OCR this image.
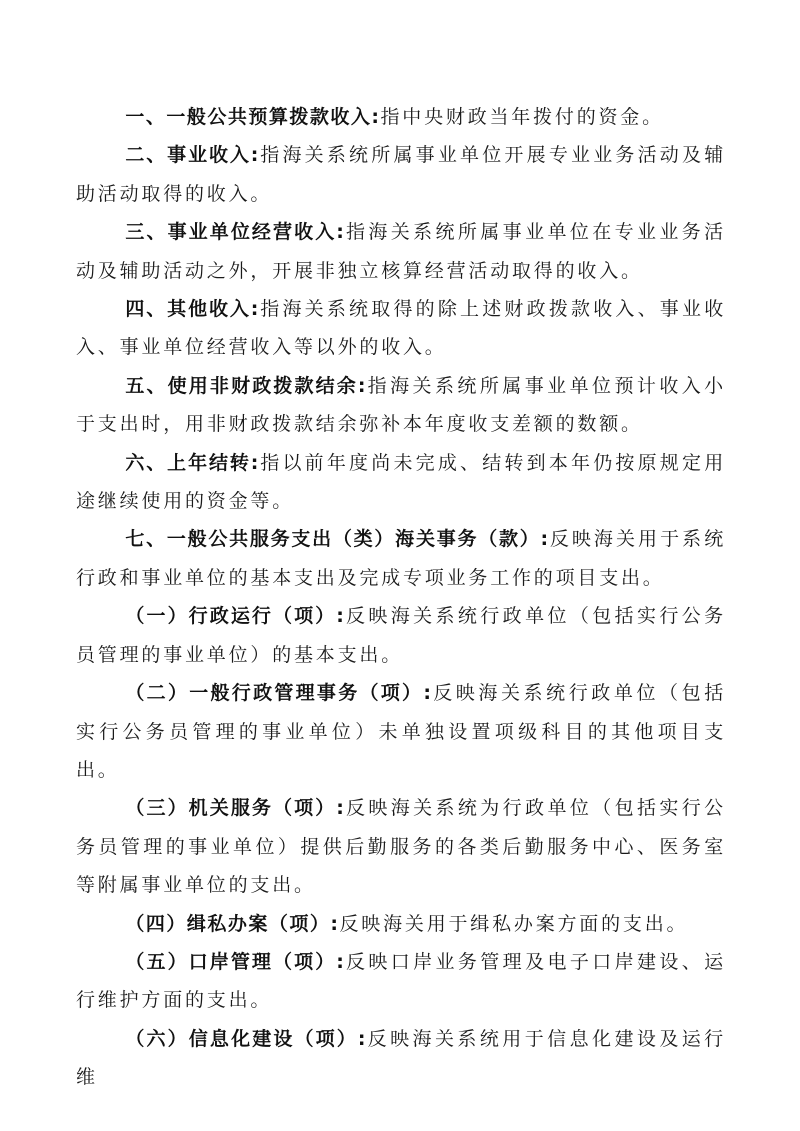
一、一般公共预算拨款收入:指中央财政当年拨付的资金。

二、事业收入:指海关系统所属事业单位开展专业业务活动及辅助活动取得的收入。

三、事业单位经营收入:指海关系统所属事业单位在专业业务活动及辅助活动之外，开展非独立核算经营活动取得的收入。

四、其他收入:指海关系统取得的除上述财政拨款收入、事业收入、事业单位经营收入等以外的收入。

五、使用非财政拨款结余:指海关系统所属事业单位预计收入小于支出时，用非财政拨款结余弥补本年度收支差额的数额。

六、上年结转:指以前年度尚未完成、结转到本年仍按原规定用途继续使用的资金等。

七、一般公共服务支出（类）海关事务（款）:反映海关用于系统行政和事业单位的基本支出及完成专项业务工作的项目支出。

（一）行政运行（项）:反映海关系统行政单位（包括实行公务员管理的事业单位）的基本支出。

（二）一般行政管理事务（项）:反映海关系统行政单位（包括实行公务员管理的事业单位）未单独设置项级科目的其他项目支出。

（三）机关服务（项）:反映海关系统为行政单位（包括实行公务员管理的事业单位）提供后勤服务的各类后勤服务中心、医务室等附属事业单位的支出。

（四）缉私办案（项）:反映海关用于缉私办案方面的支出。

（五）口岸管理（项）:反映口岸业务管理及电子口岸建设、运行维护方面的支出。

（六）信息化建设（项）:反映海关系统用于信息化建设及运行维
